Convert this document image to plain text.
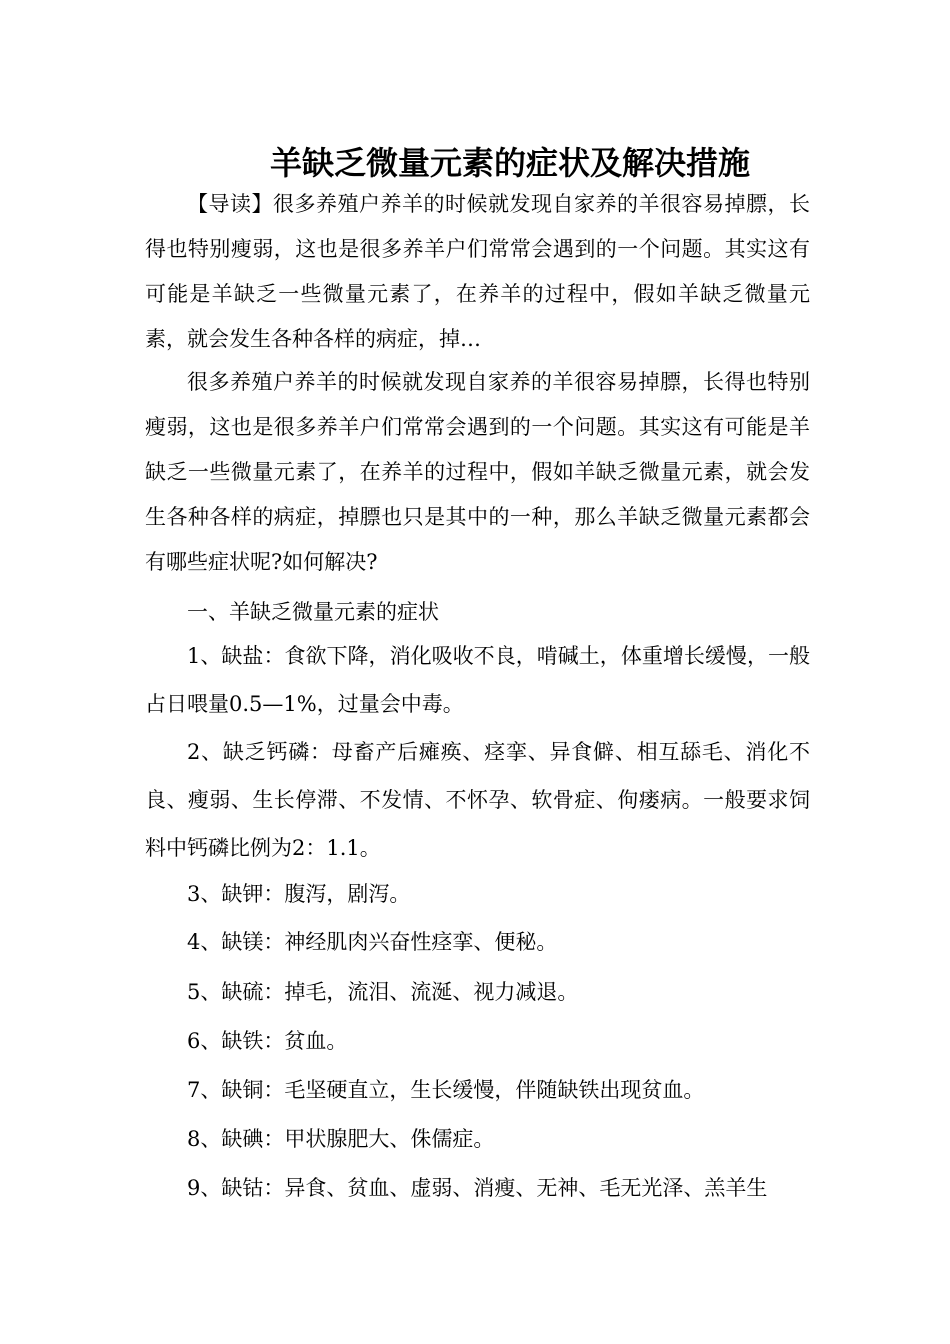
羊缺乏微量元素的症状及解决措施

【导读】很多养殖户养羊的时候就发现自家养的羊很容易掉膘，长得也特别瘦弱，这也是很多养羊户们常常会遇到的一个问题。其实这有可能是羊缺乏一些微量元素了，在养羊的过程中，假如羊缺乏微量元素，就会发生各种各样的病症，掉…

很多养殖户养羊的时候就发现自家养的羊很容易掉膘，长得也特别瘦弱，这也是很多养羊户们常常会遇到的一个问题。其实这有可能是羊缺乏一些微量元素了，在养羊的过程中，假如羊缺乏微量元素，就会发生各种各样的病症，掉膘也只是其中的一种，那么羊缺乏微量元素都会有哪些症状呢?如何解决?

一、羊缺乏微量元素的症状

1、缺盐：食欲下降，消化吸收不良，啃碱土，体重增长缓慢，一般占日喂量0.5—1%，过量会中毒。

2、缺乏钙磷：母畜产后瘫痪、痉挛、异食僻、相互舔毛、消化不良、瘦弱、生长停滞、不发情、不怀孕、软骨症、佝瘘病。一般要求饲料中钙磷比例为2：1.1。

3、缺钾：腹泻，剧泻。

4、缺镁：神经肌肉兴奋性痉挛、便秘。

5、缺硫：掉毛，流泪、流涎、视力减退。

6、缺铁：贫血。

7、缺铜：毛坚硬直立，生长缓慢，伴随缺铁出现贫血。

8、缺碘：甲状腺肥大、侏儒症。

9、缺钴：异食、贫血、虚弱、消瘦、无神、毛无光泽、羔羊生
